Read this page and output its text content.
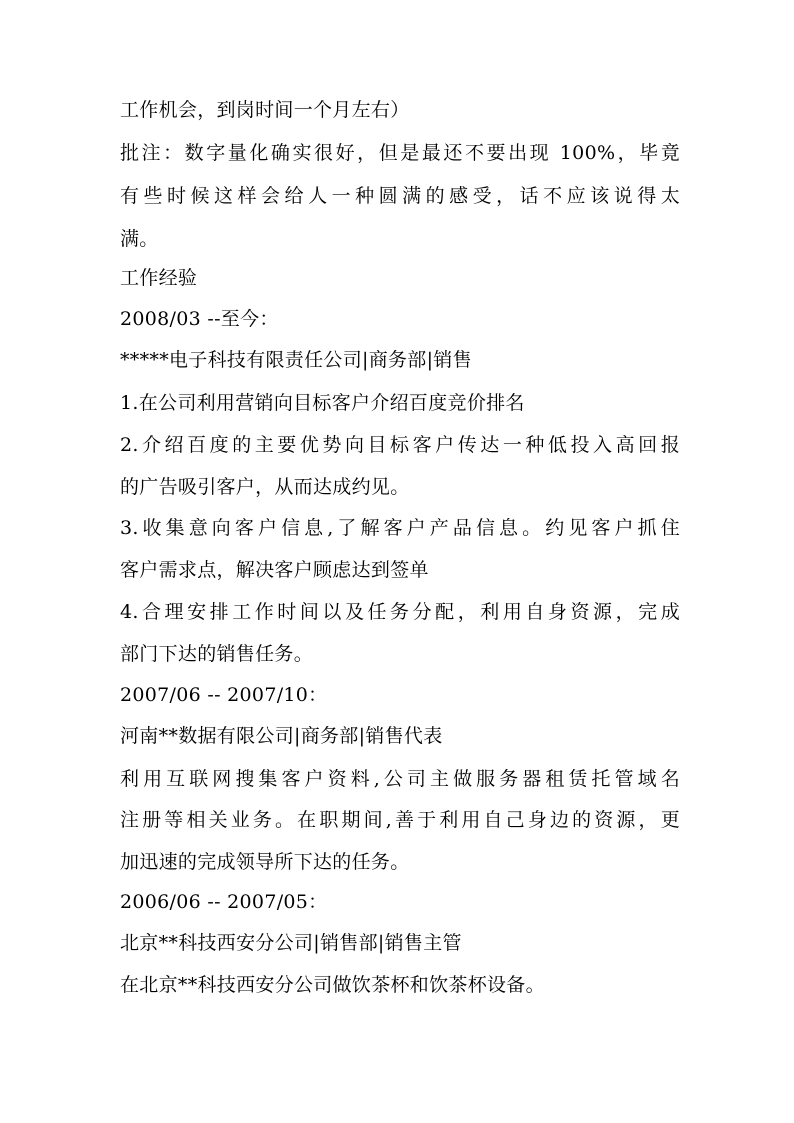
工作机会，到岗时间一个月左右）
批注：数字量化确实很好，但是最还不要出现 100%，毕竟
有些时候这样会给人一种圆满的感受，话不应该说得太
满。
工作经验
2008/03 --至今：
*****电子科技有限责任公司|商务部|销售
1.在公司利用营销向目标客户介绍百度竞价排名
2.介绍百度的主要优势向目标客户传达一种低投入高回报
的广告吸引客户，从而达成约见。
3.收集意向客户信息,了解客户产品信息。约见客户抓住
客户需求点，解决客户顾虑达到签单
4.合理安排工作时间以及任务分配，利用自身资源，完成
部门下达的销售任务。
2007/06 -- 2007/10：
河南**数据有限公司|商务部|销售代表
利用互联网搜集客户资料,公司主做服务器租赁托管域名
注册等相关业务。在职期间,善于利用自己身边的资源，更
加迅速的完成领导所下达的任务。
2006/06 -- 2007/05：
北京**科技西安分公司|销售部|销售主管
在北京**科技西安分公司做饮茶杯和饮茶杯设备。
